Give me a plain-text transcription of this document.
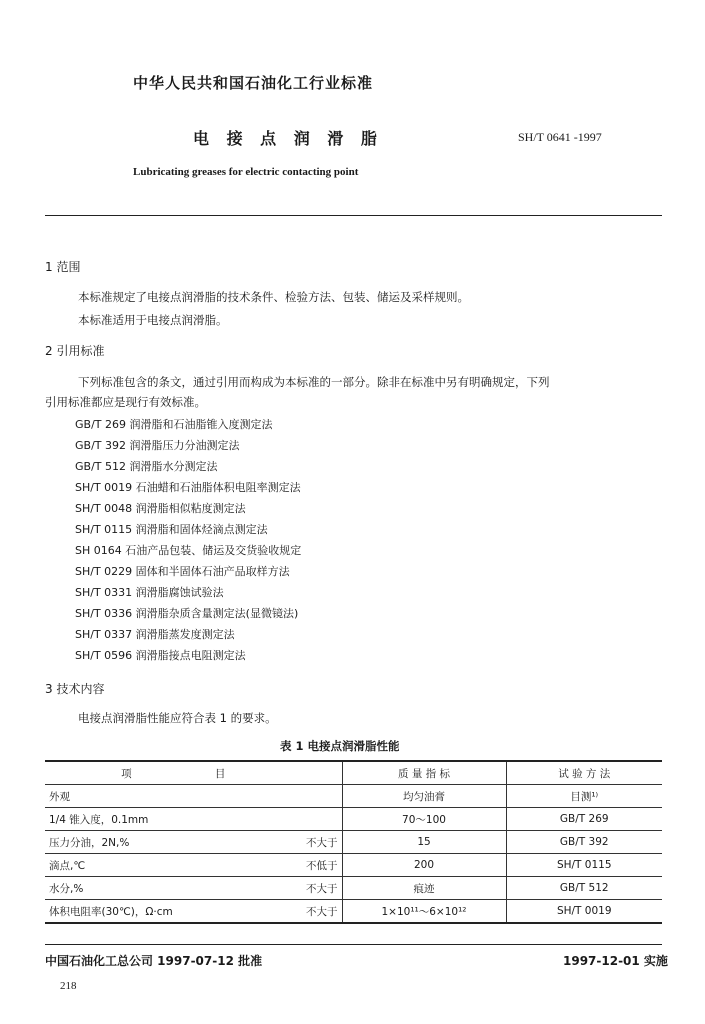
中华人民共和国石油化工行业标准
电 接 点 润 滑 脂	SH/T 0641 -1997
Lubricating greases for electric contacting point
1 范围
本标准规定了电接点润滑脂的技术条件、检验方法、包装、储运及采样规则。
本标准适用于电接点润滑脂。
2 引用标准
下列标准包含的条文，通过引用而构成为本标准的一部分。除非在标准中另有明确规定，下列
引用标准都应是现行有效标准。
GB/T 269 润滑脂和石油脂锥入度测定法
GB/T 392 润滑脂压力分油测定法
GB/T 512 润滑脂水分测定法
SH/T 0019 石油蜡和石油脂体积电阻率测定法
SH/T 0048 润滑脂相似粘度测定法
SH/T 0115 润滑脂和固体烃滴点测定法
SH 0164 石油产品包装、储运及交货验收规定
SH/T 0229 固体和半固体石油产品取样方法
SH/T 0331 润滑脂腐蚀试验法
SH/T 0336 润滑脂杂质含量测定法(显微镜法)
SH/T 0337 润滑脂蒸发度测定法
SH/T 0596 润滑脂接点电阻测定法
3 技术内容
电接点润滑脂性能应符合表 1 的要求。
表 1 电接点润滑脂性能
项 目	质 量 指 标	试 验 方 法

外观	均匀油膏	目测¹⁾

1/4 锥入度，0.1mm	70～100	GB/T 269

压力分油，2N,% 不大于	15	GB/T 392

滴点,℃ 不低于	200	SH/T 0115

水分,% 不大于	痕迹	GB/T 512

体积电阻率(30℃)，Ω·cm 不大于	1×10¹¹～6×10¹²	SH/T 0019
中国石油化工总公司 1997-07-12 批准	1997-12-01 实施
218
